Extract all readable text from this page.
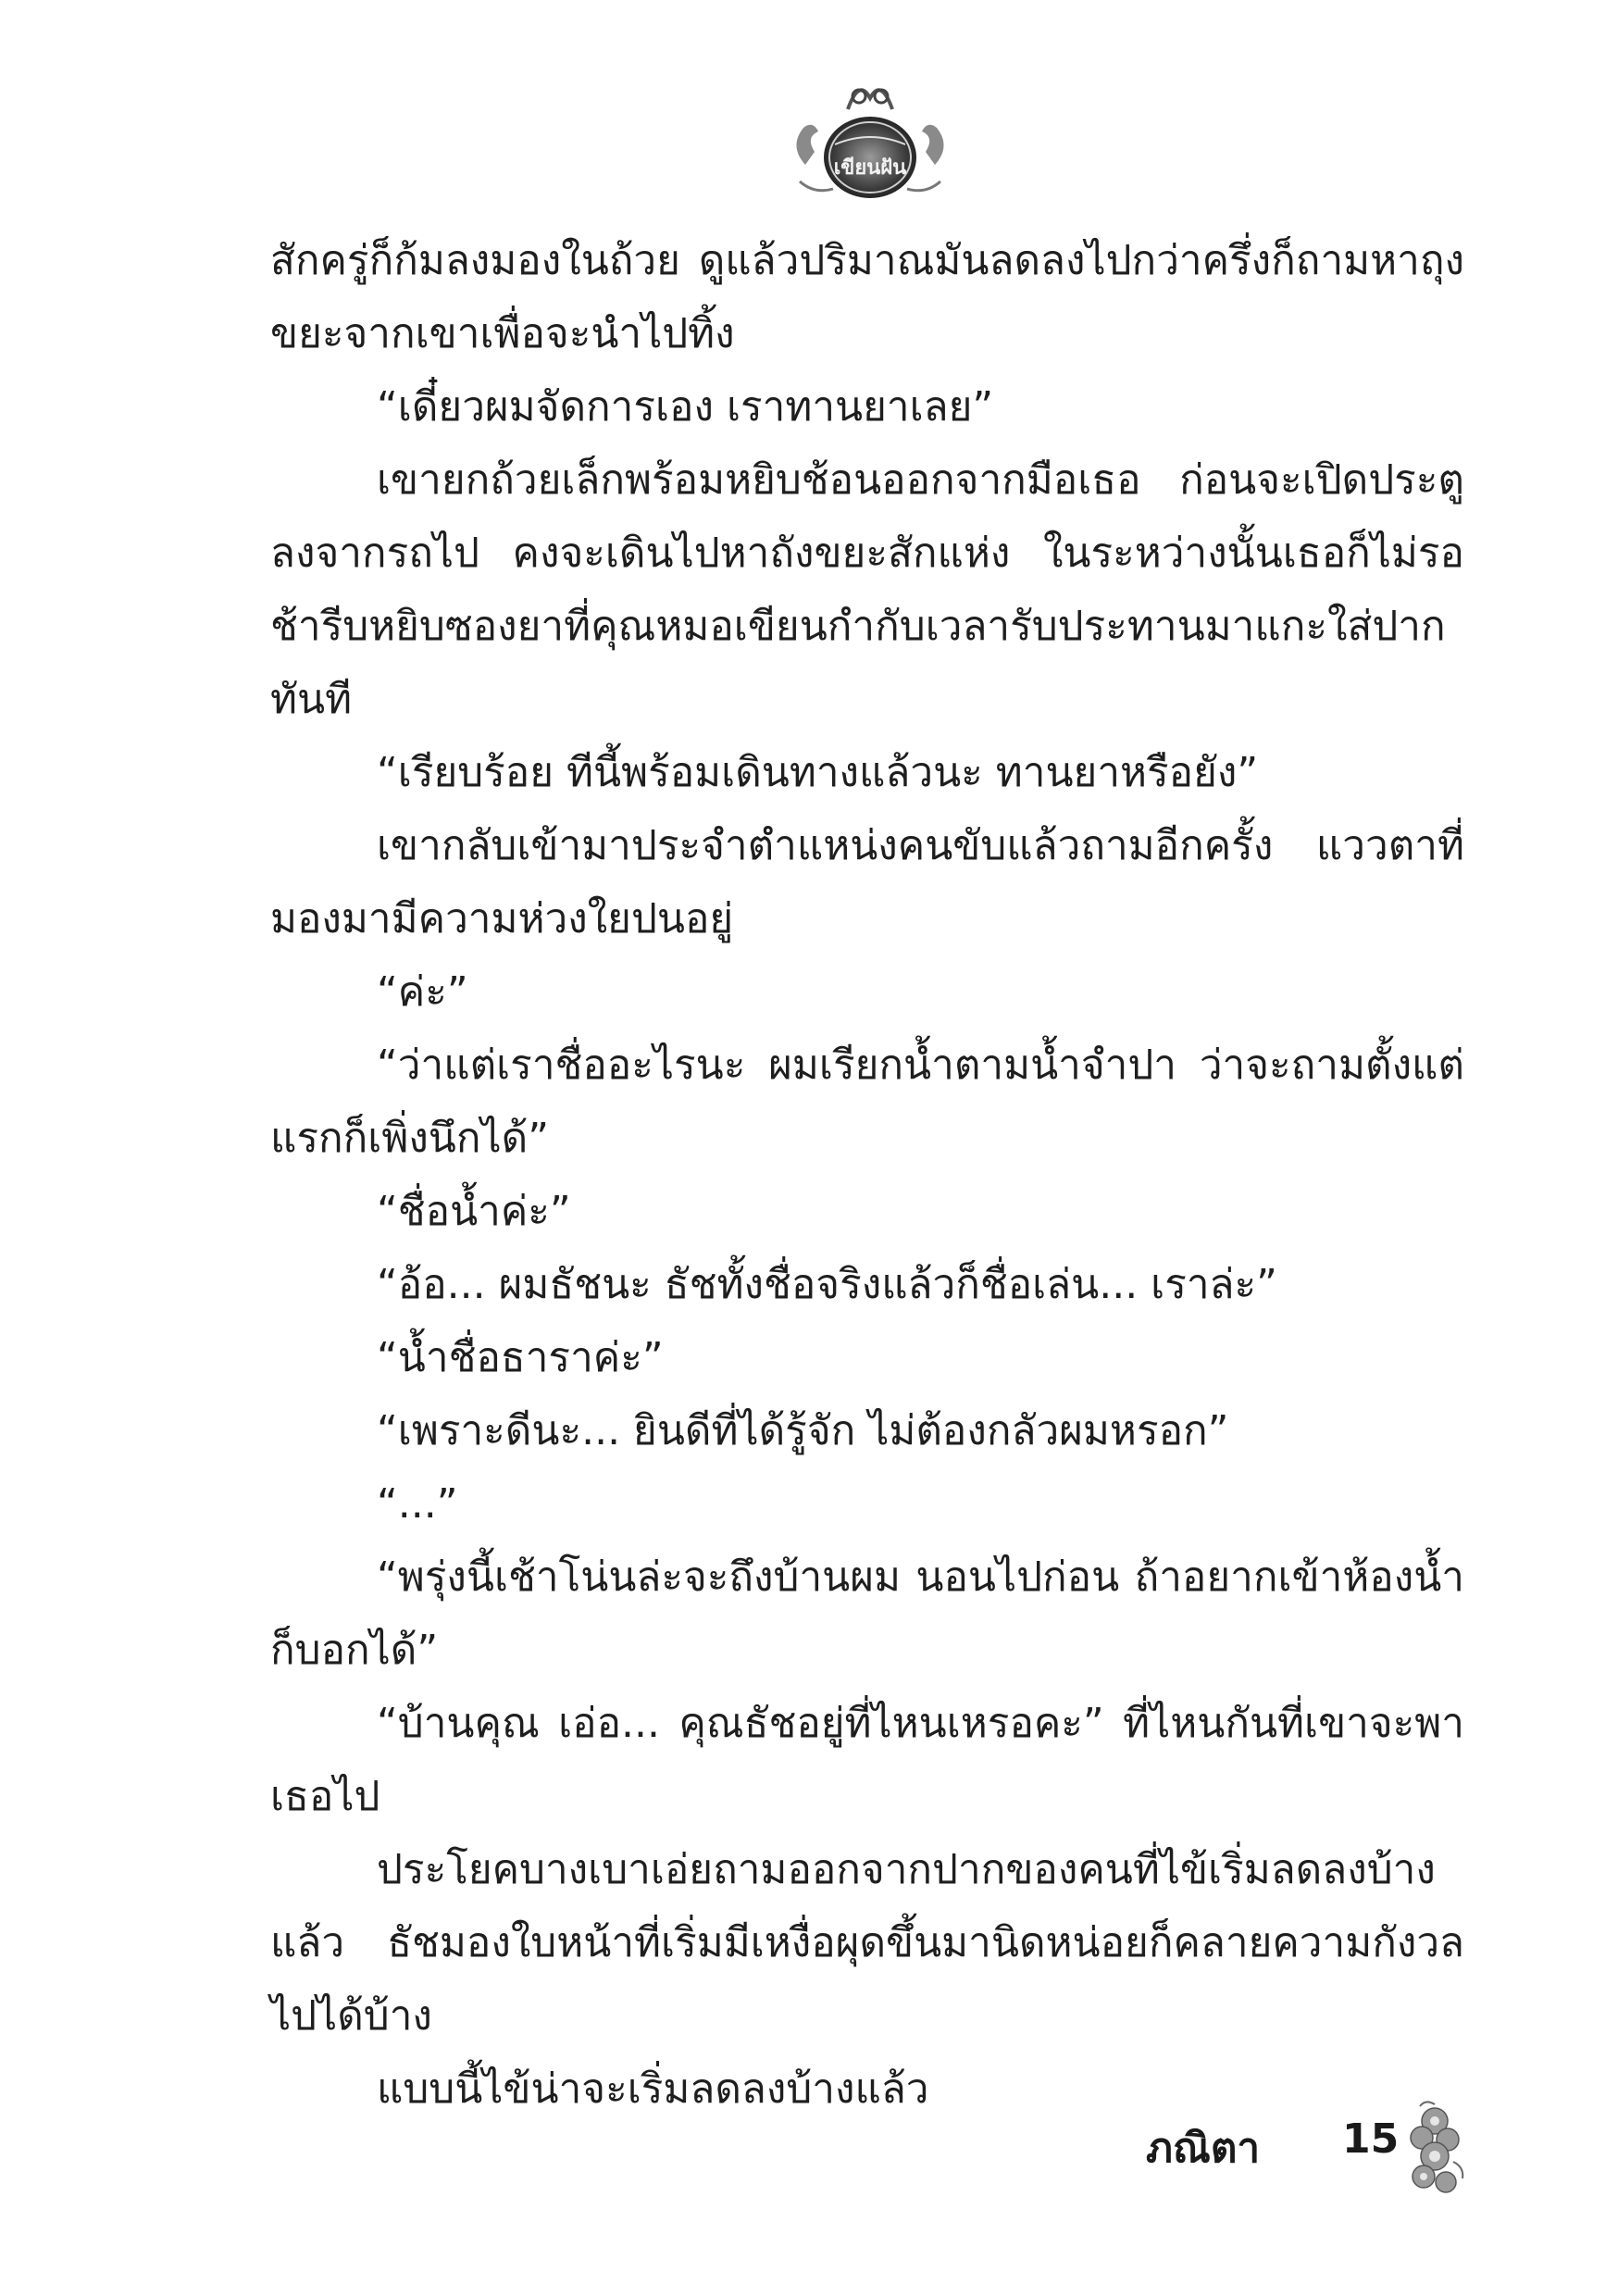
เขียนฝัน

สักครู่ก็ก้มลงมองในถ้วย ดูแล้วปริมาณมันลดลงไปกว่าครึ่งก็ถามหาถุงขยะจากเขาเพื่อจะนำไปทิ้ง

“เดี๋ยวผมจัดการเอง เราทานยาเลย”

เขายกถ้วยเล็กพร้อมหยิบช้อนออกจากมือเธอ ก่อนจะเปิดประตูลงจากรถไป คงจะเดินไปหาถังขยะสักแห่ง ในระหว่างนั้นเธอก็ไม่รอช้ารีบหยิบซองยาที่คุณหมอเขียนกำกับเวลารับประทานมาแกะใส่ปากทันที

“เรียบร้อย ทีนี้พร้อมเดินทางแล้วนะ ทานยาหรือยัง”

เขากลับเข้ามาประจำตำแหน่งคนขับแล้วถามอีกครั้ง แววตาที่มองมามีความห่วงใยปนอยู่

“ค่ะ”

“ว่าแต่เราชื่ออะไรนะ ผมเรียกน้ำตามน้ำจำปา ว่าจะถามตั้งแต่แรกก็เพิ่งนึกได้”

“ชื่อน้ำค่ะ”

“อ้อ... ผมธัชนะ ธัชทั้งชื่อจริงแล้วก็ชื่อเล่น... เราล่ะ”

“น้ำชื่อธาราค่ะ”

“เพราะดีนะ... ยินดีที่ได้รู้จัก ไม่ต้องกลัวผมหรอก”

“...”

“พรุ่งนี้เช้าโน่นล่ะจะถึงบ้านผม นอนไปก่อน ถ้าอยากเข้าห้องน้ำก็บอกได้”

“บ้านคุณ เอ่อ... คุณธัชอยู่ที่ไหนเหรอคะ” ที่ไหนกันที่เขาจะพาเธอไป

ประโยคบางเบาเอ่ยถามออกจากปากของคนที่ไข้เริ่มลดลงบ้างแล้ว ธัชมองใบหน้าที่เริ่มมีเหงื่อผุดขึ้นมานิดหน่อยก็คลายความกังวลไปได้บ้าง

แบบนี้ไข้น่าจะเริ่มลดลงบ้างแล้ว

ภณิตา 15
